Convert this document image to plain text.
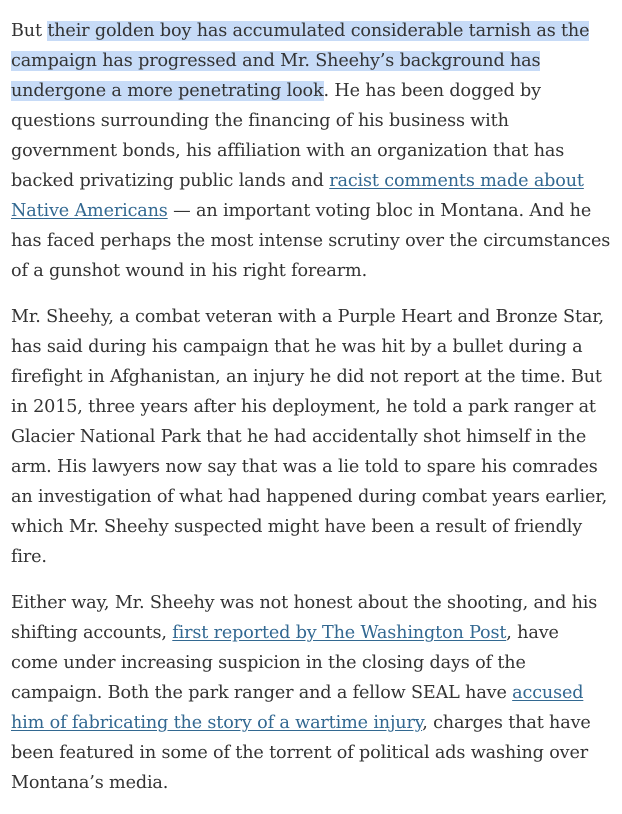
But their golden boy has accumulated considerable tarnish as the campaign has progressed and Mr. Sheehy’s background has undergone a more penetrating look. He has been dogged by questions surrounding the financing of his business with government bonds, his affiliation with an organization that has backed privatizing public lands and racist comments made about Native Americans — an important voting bloc in Montana. And he has faced perhaps the most intense scrutiny over the circumstances of a gunshot wound in his right forearm.

Mr. Sheehy, a combat veteran with a Purple Heart and Bronze Star, has said during his campaign that he was hit by a bullet during a firefight in Afghanistan, an injury he did not report at the time. But in 2015, three years after his deployment, he told a park ranger at Glacier National Park that he had accidentally shot himself in the arm. His lawyers now say that was a lie told to spare his comrades an investigation of what had happened during combat years earlier, which Mr. Sheehy suspected might have been a result of friendly fire.

Either way, Mr. Sheehy was not honest about the shooting, and his shifting accounts, first reported by The Washington Post, have come under increasing suspicion in the closing days of the campaign. Both the park ranger and a fellow SEAL have accused him of fabricating the story of a wartime injury, charges that have been featured in some of the torrent of political ads washing over Montana’s media.
